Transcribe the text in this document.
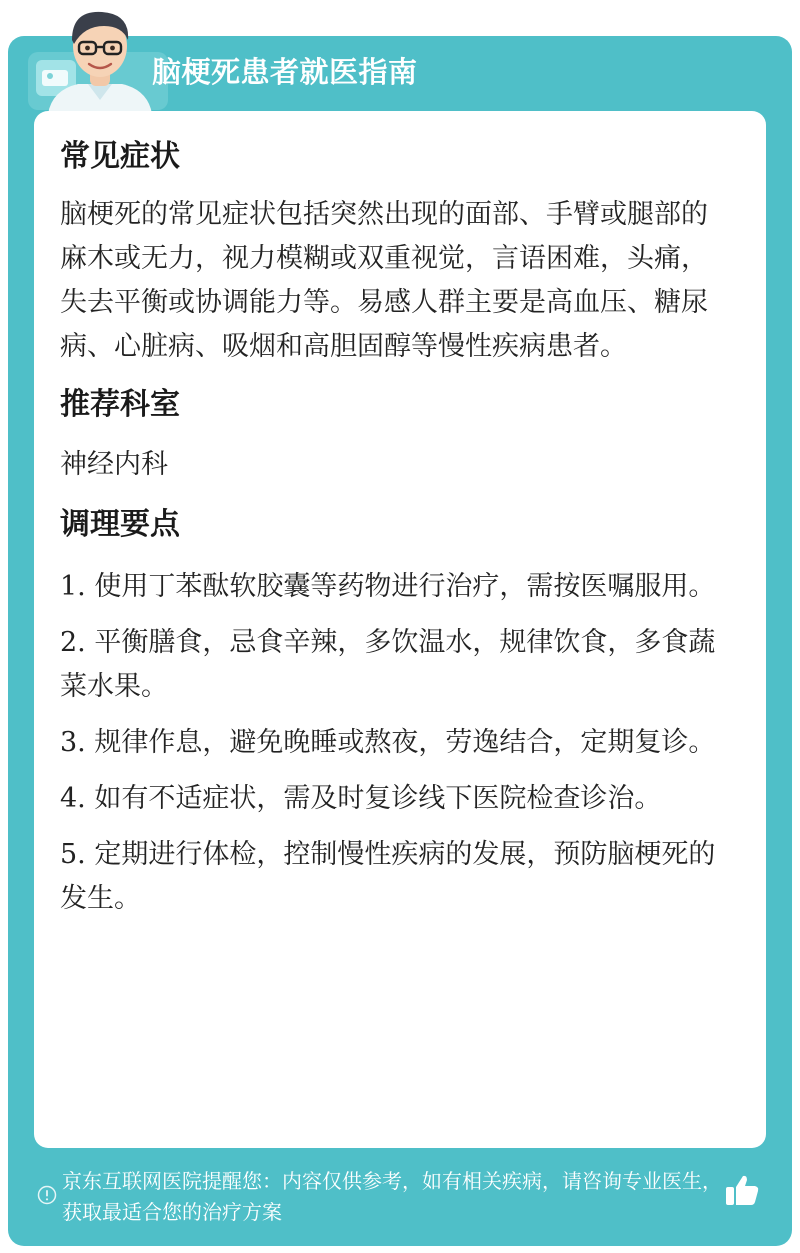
脑梗死患者就医指南
常见症状
脑梗死的常见症状包括突然出现的面部、手臂或腿部的麻木或无力，视力模糊或双重视觉，言语困难，头痛，失去平衡或协调能力等。易感人群主要是高血压、糖尿病、心脏病、吸烟和高胆固醇等慢性疾病患者。
推荐科室
神经内科
调理要点
1. 使用丁苯酞软胶囊等药物进行治疗，需按医嘱服用。
2. 平衡膳食，忌食辛辣，多饮温水，规律饮食，多食蔬菜水果。
3. 规律作息，避免晚睡或熬夜，劳逸结合，定期复诊。
4. 如有不适症状，需及时复诊线下医院检查诊治。
5. 定期进行体检，控制慢性疾病的发展，预防脑梗死的发生。
京东互联网医院提醒您：内容仅供参考，如有相关疾病，请咨询专业医生，获取最适合您的治疗方案
